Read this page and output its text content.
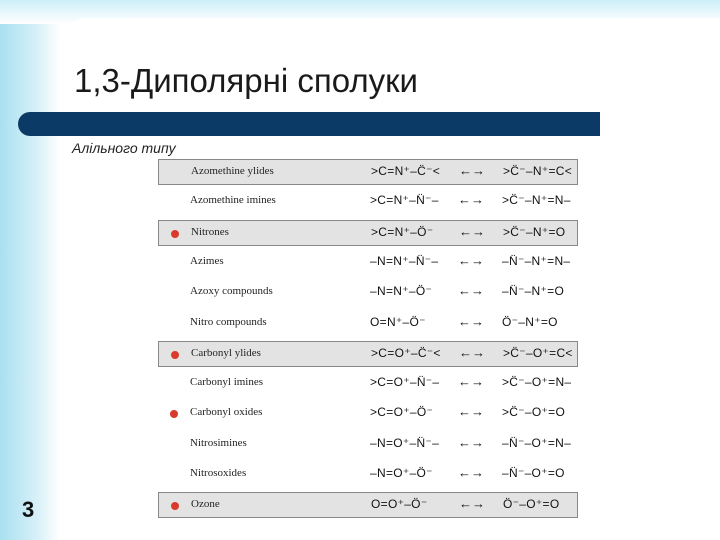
1,3-Диполярні сполуки
Алільного типу
Azomethine ylides	>C=N⁺–C̈⁻< ←→ >C̈⁻–N⁺=C<
Azomethine imines	>C=N⁺–N̈⁻– ←→ >C̈⁻–N⁺=N–
Nitrones	>C=N⁺–Ö⁻ ←→ >C̈⁻–N⁺=O
Azimes	–N=N⁺–N̈⁻– ←→ –N̈⁻–N⁺=N–
Azoxy compounds	–N=N⁺–Ö⁻ ←→ –N̈⁻–N⁺=O
Nitro compounds	O=N⁺–Ö⁻ ←→ Ö⁻–N⁺=O
Carbonyl ylides	>C=O⁺–C̈⁻< ←→ >C̈⁻–O⁺=C<
Carbonyl imines	>C=O⁺–N̈⁻– ←→ >C̈⁻–O⁺=N–
Carbonyl oxides	>C=O⁺–Ö⁻ ←→ >C̈⁻–O⁺=O
Nitrosimines	–N=O⁺–N̈⁻– ←→ –N̈⁻–O⁺=N–
Nitrosoxides	–N=O⁺–Ö⁻ ←→ –N̈⁻–O⁺=O
Ozone	O=O⁺–Ö⁻ ←→ Ö⁻–O⁺=O
3
